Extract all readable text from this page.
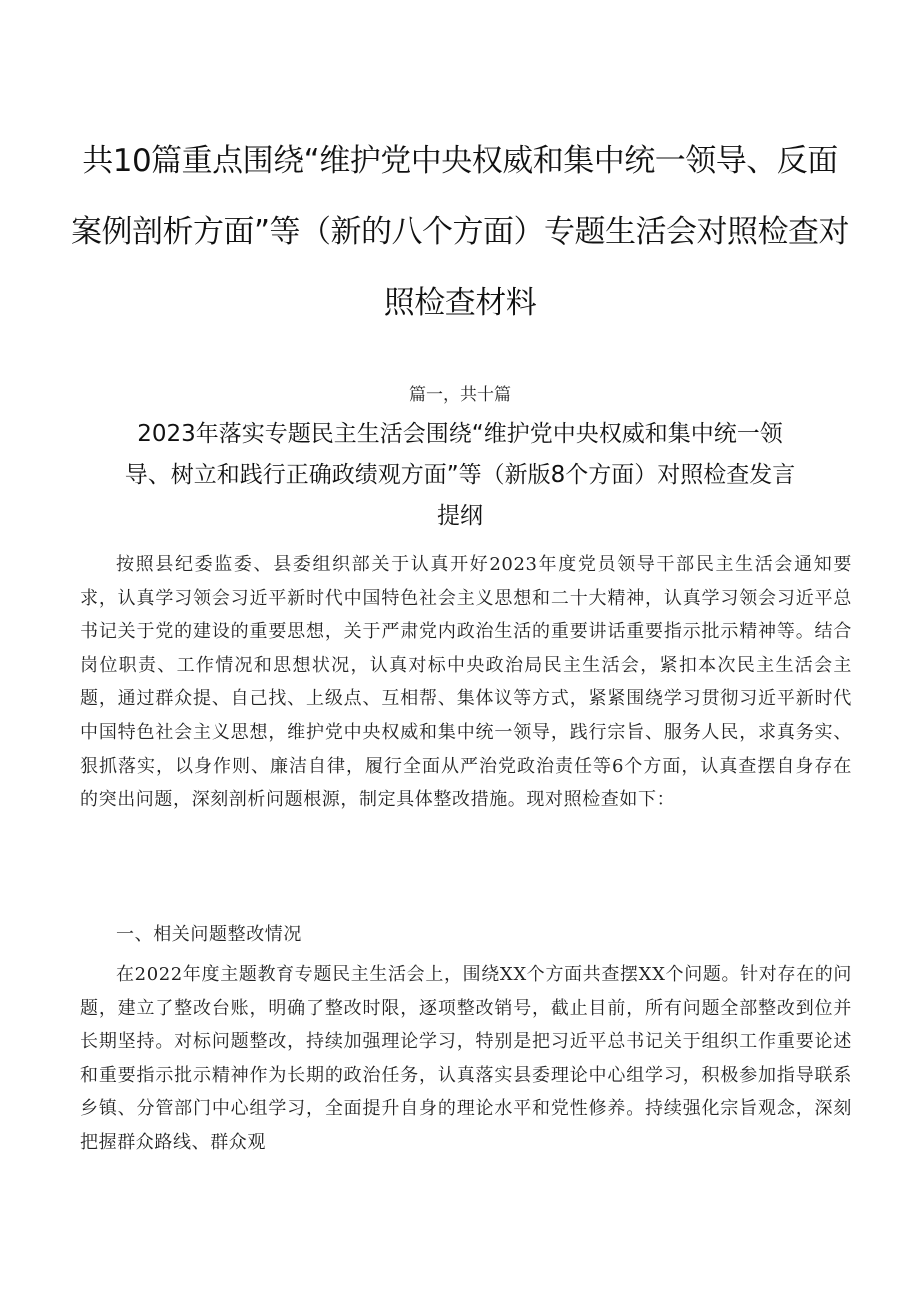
共10篇重点围绕“维护党中央权威和集中统一领导、反面案例剖析方面”等（新的八个方面）专题生活会对照检查对照检查材料
篇一，共十篇
2023年落实专题民主生活会围绕“维护党中央权威和集中统一领导、树立和践行正确政绩观方面”等（新版8个方面）对照检查发言提纲

按照县纪委监委、县委组织部关于认真开好2023年度党员领导干部民主生活会通知要求，认真学习领会习近平新时代中国特色社会主义思想和二十大精神，认真学习领会习近平总书记关于党的建设的重要思想，关于严肃党内政治生活的重要讲话重要指示批示精神等。结合岗位职责、工作情况和思想状况，认真对标中央政治局民主生活会，紧扣本次民主生活会主题，通过群众提、自己找、上级点、互相帮、集体议等方式，紧紧围绕学习贯彻习近平新时代中国特色社会主义思想，维护党中央权威和集中统一领导，践行宗旨、服务人民，求真务实、狠抓落实，以身作则、廉洁自律，履行全面从严治党政治责任等6个方面，认真查摆自身存在的突出问题，深刻剖析问题根源，制定具体整改措施。现对照检查如下：

一、相关问题整改情况

在2022年度主题教育专题民主生活会上，围绕XX个方面共查摆XX个问题。针对存在的问题，建立了整改台账，明确了整改时限，逐项整改销号，截止目前，所有问题全部整改到位并长期坚持。对标问题整改，持续加强理论学习，特别是把习近平总书记关于组织工作重要论述和重要指示批示精神作为长期的政治任务，认真落实县委理论中心组学习，积极参加指导联系乡镇、分管部门中心组学习，全面提升自身的理论水平和党性修养。持续强化宗旨观念，深刻把握群众路线、群众观
